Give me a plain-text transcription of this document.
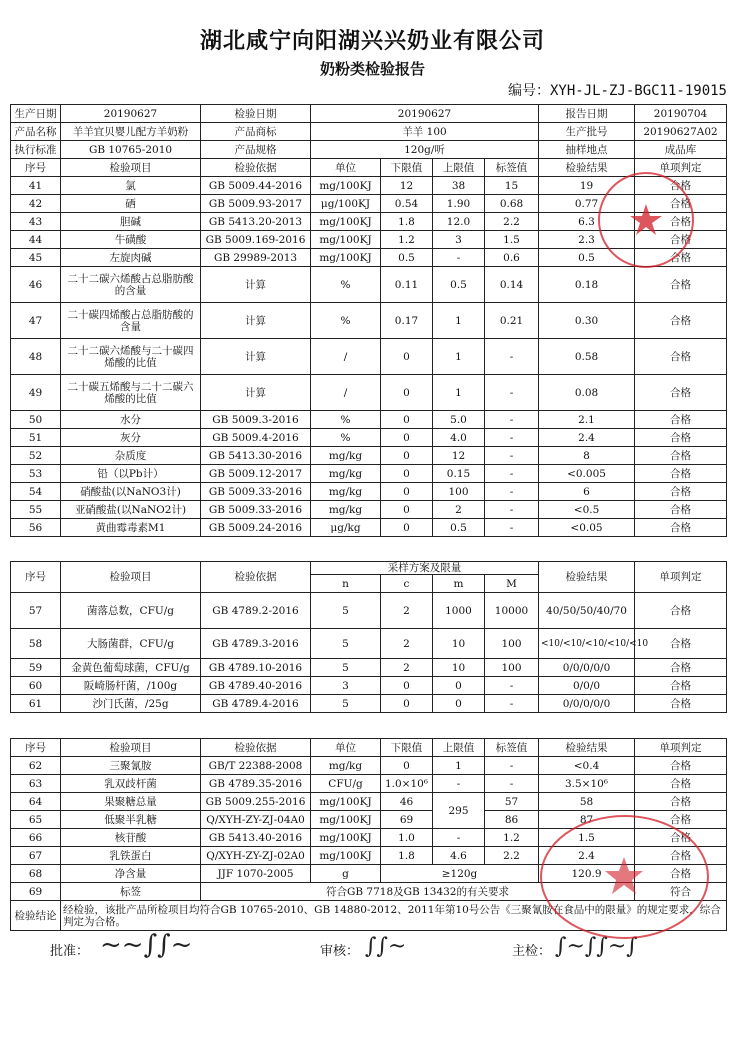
湖北咸宁向阳湖兴兴奶业有限公司
奶粉类检验报告
编号：XYH-JL-ZJ-BGC11-19015
生产日期	20190627	检验日期	20190627				报告日期	20190704
产品名称	羊羊宜贝婴儿配方羊奶粉	产品商标	羊羊 100				生产批号	20190627A02
执行标准	GB 10765-2010	产品规格	120g/听				抽样地点	成品库
序号	检验项目	检验依据	单位	下限值	上限值	标签值	检验结果	单项判定
41	氯	GB 5009.44-2016	mg/100KJ	12	38	15	19	合格
42	硒	GB 5009.93-2017	μg/100KJ	0.54	1.90	0.68	0.77	合格
43	胆碱	GB 5413.20-2013	mg/100KJ	1.8	12.0	2.2	6.3	合格
44	牛磺酸	GB 5009.169-2016	mg/100KJ	1.2	3	1.5	2.3	合格
45	左旋肉碱	GB 29989-2013	mg/100KJ	0.5	-	0.6	0.5	合格
46	二十二碳六烯酸占总脂肪酸的含量	计算	%	0.11	0.5	0.14	0.18	合格
47	二十碳四烯酸占总脂肪酸的含量	计算	%	0.17	1	0.21	0.30	合格
48	二十二碳六烯酸与二十碳四烯酸的比值	计算	/	0	1	-	0.58	合格
49	二十碳五烯酸与二十二碳六烯酸的比值	计算	/	0	1	-	0.08	合格
50	水分	GB 5009.3-2016	%	0	5.0	-	2.1	合格
51	灰分	GB 5009.4-2016	%	0	4.0	-	2.4	合格
52	杂质度	GB 5413.30-2016	mg/kg	0	12	-	8	合格
53	铅（以Pb计）	GB 5009.12-2017	mg/kg	0	0.15	-	<0.005	合格
54	硝酸盐(以NaNO3计)	GB 5009.33-2016	mg/kg	0	100	-	6	合格
55	亚硝酸盐(以NaNO2计)	GB 5009.33-2016	mg/kg	0	2	-	<0.5	合格
56	黄曲霉毒素M1	GB 5009.24-2016	μg/kg	0	0.5	-	<0.05	合格
序号	检验项目	检验依据	采样方案及限量				检验结果	单项判定
			n	c	m	M		
57	菌落总数，CFU/g	GB 4789.2-2016	5	2	1000	10000	40/50/50/40/70	合格
58	大肠菌群，CFU/g	GB 4789.3-2016	5	2	10	100	<10/<10/<10/<10/<10	合格
59	金黄色葡萄球菌，CFU/g	GB 4789.10-2016	5	2	10	100	0/0/0/0/0	合格
60	阪崎肠杆菌，/100g	GB 4789.40-2016	3	0	0	-	0/0/0	合格
61	沙门氏菌，/25g	GB 4789.4-2016	5	0	0	-	0/0/0/0/0	合格
序号	检验项目	检验依据	单位	下限值	上限值	标签值	检验结果	单项判定
62	三聚氰胺	GB/T 22388-2008	mg/kg	0	1	-	<0.4	合格
63	乳双歧杆菌	GB 4789.35-2016	CFU/g	1.0×10⁶	-	-	3.5×10⁶	合格
64	果聚糖总量	GB 5009.255-2016	mg/100KJ	46	295	57	58	合格
65	低聚半乳糖	Q/XYH-ZY-ZJ-04A0	mg/100KJ	69		86	87	合格
66	核苷酸	GB 5413.40-2016	mg/100KJ	1.0	-	1.2	1.5	合格
67	乳铁蛋白	Q/XYH-ZY-ZJ-02A0	mg/100KJ	1.8	4.6	2.2	2.4	合格
68	净含量	JJF 1070-2005	g	≥120g			120.9	合格
69	标签	符合GB 7718及GB 13432的有关要求						符合
检验结论	经检验，该批产品所检项目均符合GB 10765-2010、GB 14880-2012、2011年第10号公告《三聚氰胺在食品中的限量》的规定要求，综合判定为合格。							
批准： ~~∫∫~	审核： ∫∫~	主检： ∫~∫∫~∫
